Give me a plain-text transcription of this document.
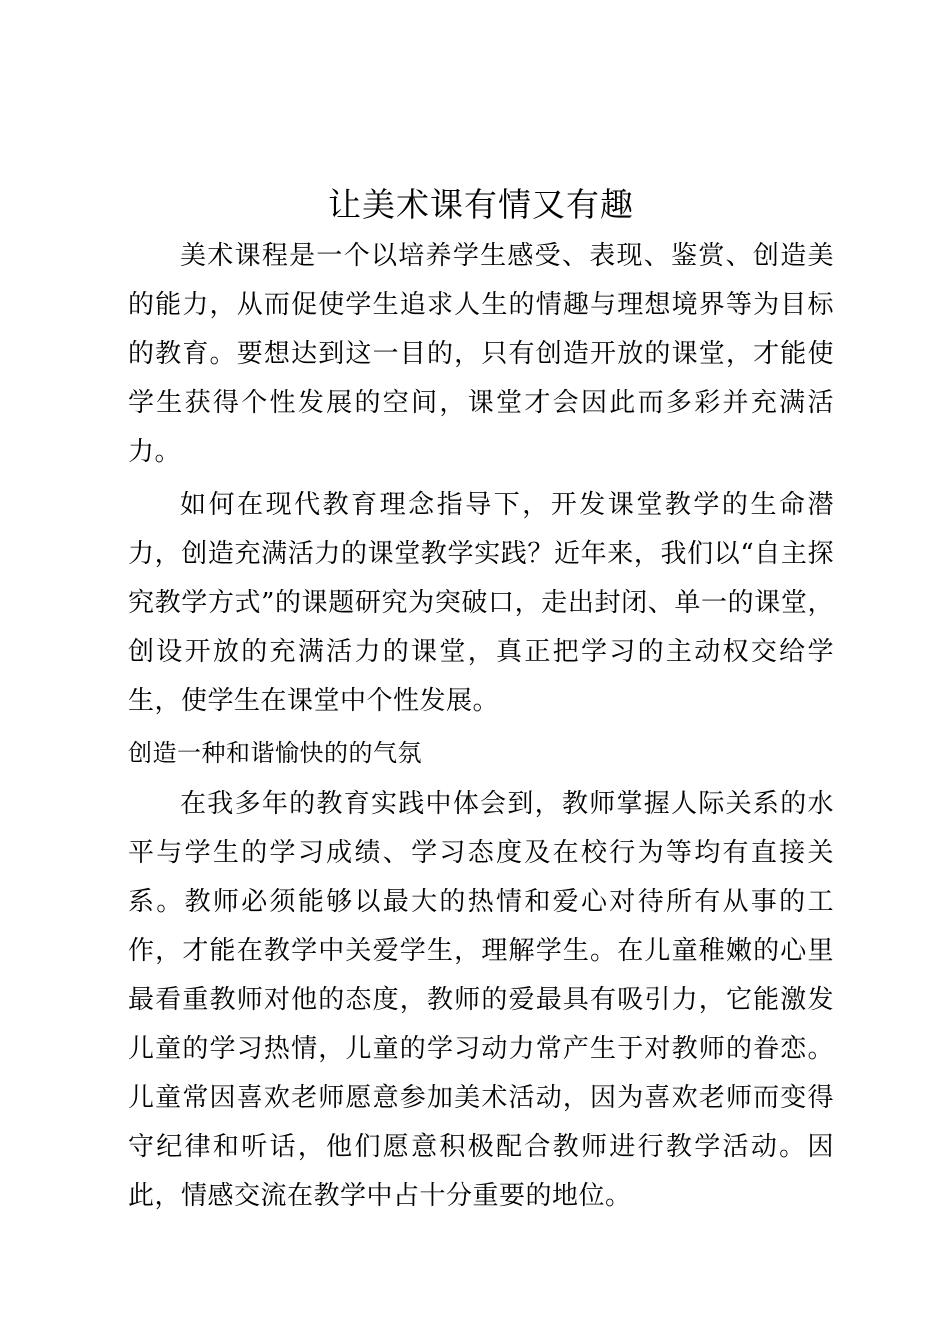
让美术课有情又有趣

美术课程是一个以培养学生感受、表现、鉴赏、创造美的能力，从而促使学生追求人生的情趣与理想境界等为目标的教育。要想达到这一目的，只有创造开放的课堂，才能使学生获得个性发展的空间，课堂才会因此而多彩并充满活力。

如何在现代教育理念指导下，开发课堂教学的生命潜力，创造充满活力的课堂教学实践？近年来，我们以“自主探究教学方式”的课题研究为突破口，走出封闭、单一的课堂，创设开放的充满活力的课堂，真正把学习的主动权交给学生，使学生在课堂中个性发展。

创造一种和谐愉快的的气氛

在我多年的教育实践中体会到，教师掌握人际关系的水平与学生的学习成绩、学习态度及在校行为等均有直接关系。教师必须能够以最大的热情和爱心对待所有从事的工作，才能在教学中关爱学生，理解学生。在儿童稚嫩的心里最看重教师对他的态度，教师的爱最具有吸引力，它能激发儿童的学习热情，儿童的学习动力常产生于对教师的眷恋。儿童常因喜欢老师愿意参加美术活动，因为喜欢老师而变得守纪律和听话，他们愿意积极配合教师进行教学活动。因此，情感交流在教学中占十分重要的地位。
